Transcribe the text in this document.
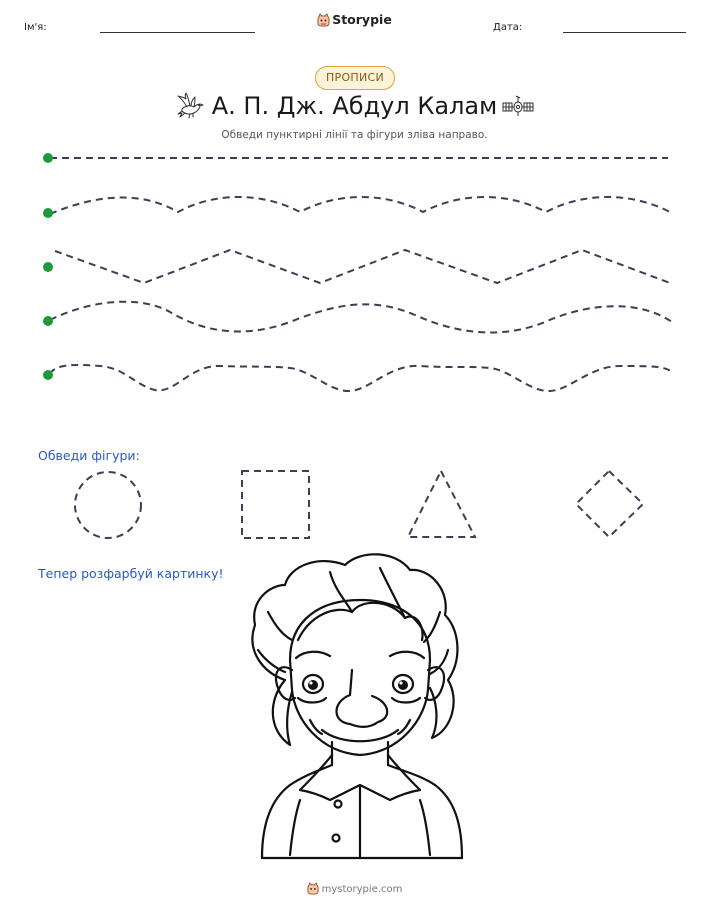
Ім'я:
Storypie
Дата:
ПРОПИСИ
А. П. Дж. Абдул Калам
Обведи пунктирні лінії та фігури зліва направо.
Обведи фігури:
Тепер розфарбуй картинку!
mystorypie.com
